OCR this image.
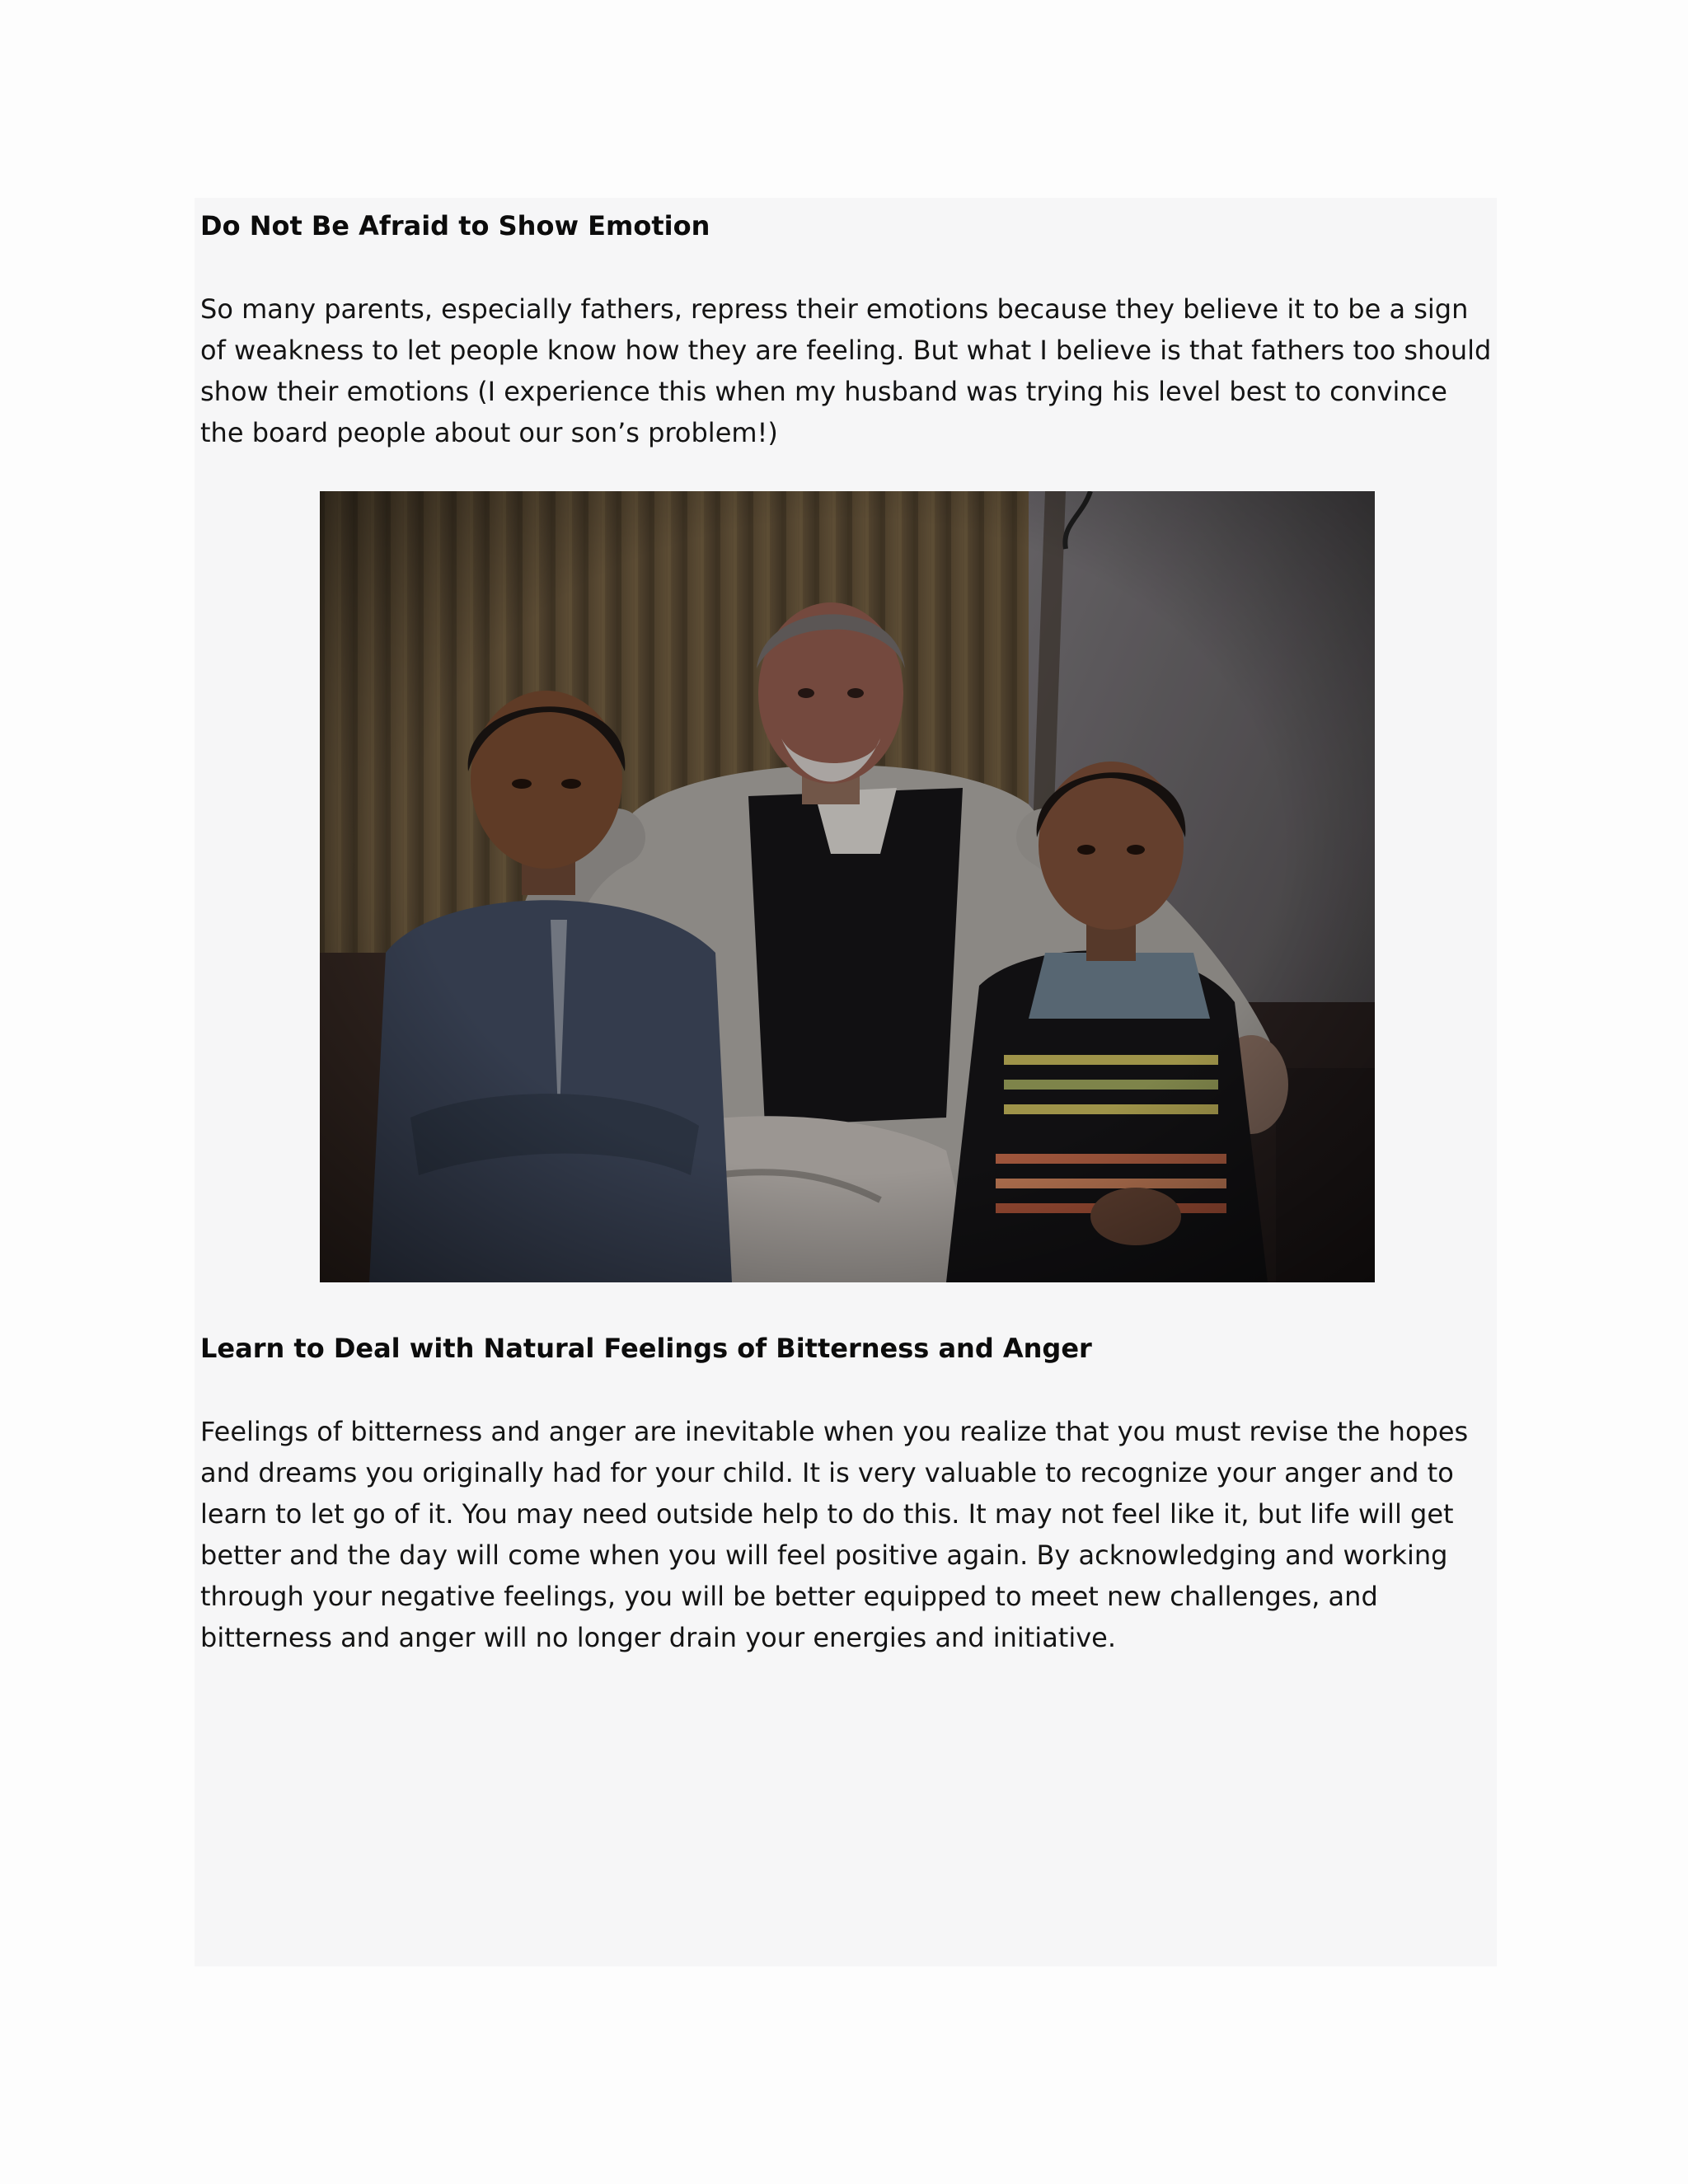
Do Not Be Afraid to Show Emotion

So many parents, especially fathers, repress their emotions because they believe it to be a sign of weakness to let people know how they are feeling. But what I believe is that fathers too should show their emotions (I experience this when my husband was trying his level best to convince the board people about our son’s problem!)

Learn to Deal with Natural Feelings of Bitterness and Anger

Feelings of bitterness and anger are inevitable when you realize that you must revise the hopes and dreams you originally had for your child. It is very valuable to recognize your anger and to learn to let go of it. You may need outside help to do this. It may not feel like it, but life will get better and the day will come when you will feel positive again. By acknowledging and working through your negative feelings, you will be better equipped to meet new challenges, and bitterness and anger will no longer drain your energies and initiative.
